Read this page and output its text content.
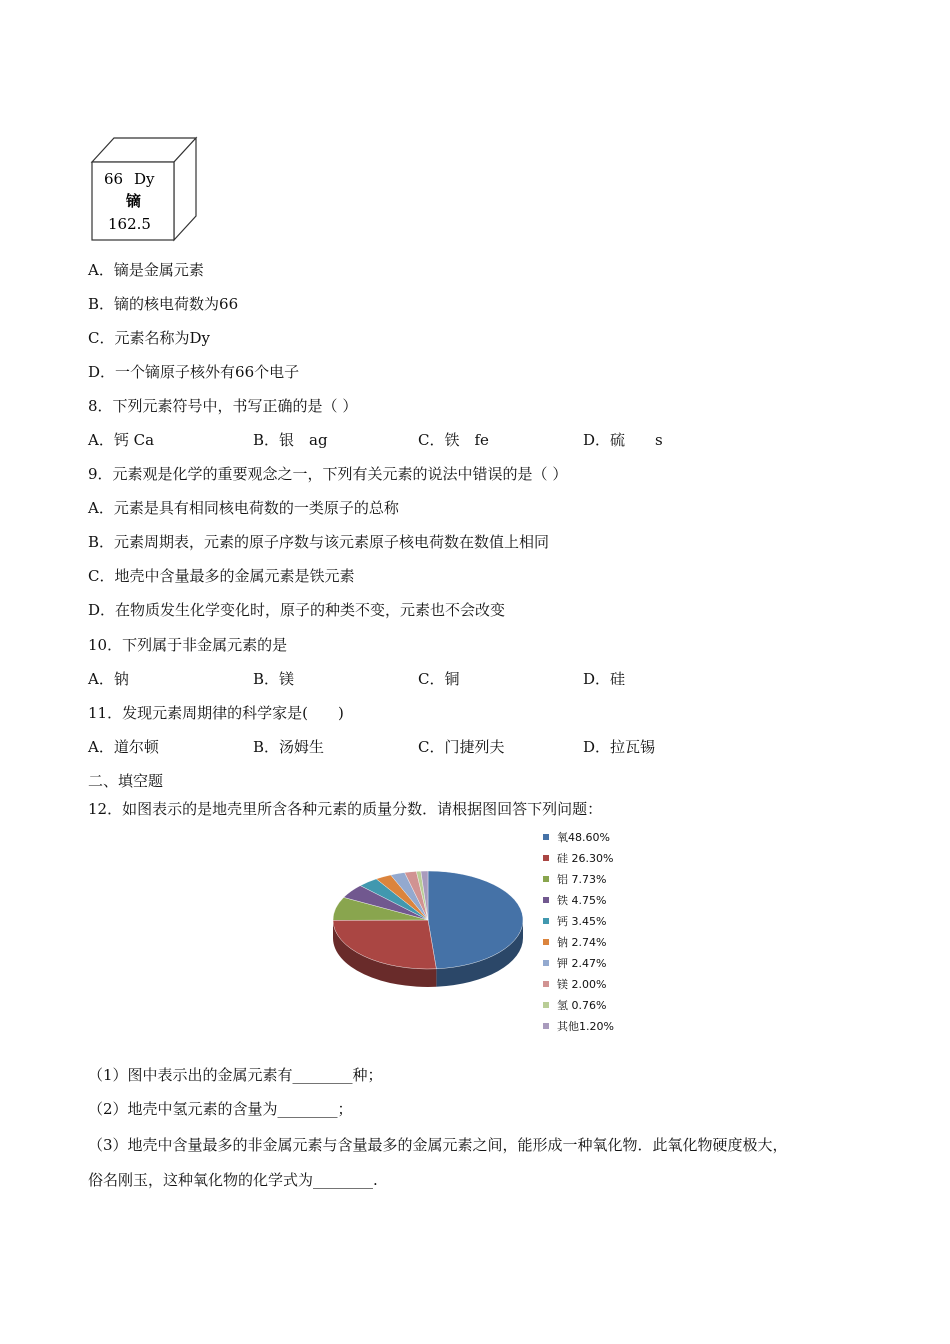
66 Dy
镝
162.5
A．镝是金属元素
B．镝的核电荷数为66
C．元素名称为Dy
D．一个镝原子核外有66个电子
8．下列元素符号中，书写正确的是（ ）
A．钙 Ca	B．银　ag	C．铁　fe	D．硫　　s
9．元素观是化学的重要观念之一，下列有关元素的说法中错误的是（ ）
A．元素是具有相同核电荷数的一类原子的总称
B．元素周期表，元素的原子序数与该元素原子核电荷数在数值上相同
C．地壳中含量最多的金属元素是铁元素
D．在物质发生化学变化时，原子的种类不变，元素也不会改变
10．下列属于非金属元素的是
A．钠	B．镁	C．铜	D．硅
11．发现元素周期律的科学家是(　　)
A．道尔顿	B．汤姆生	C．门捷列夫	D．拉瓦锡
二、填空题
12．如图表示的是地壳里所含各种元素的质量分数．请根据图回答下列问题：
氧48.60%
硅 26.30%
铝 7.73%
铁 4.75%
钙 3.45%
钠 2.74%
钾 2.47%
镁 2.00%
氢 0.76%
其他1.20%
（1）图中表示出的金属元素有________种；
（2）地壳中氢元素的含量为________；
（3）地壳中含量最多的非金属元素与含量最多的金属元素之间，能形成一种氧化物．此氧化物硬度极大，
俗名刚玉，这种氧化物的化学式为________.
